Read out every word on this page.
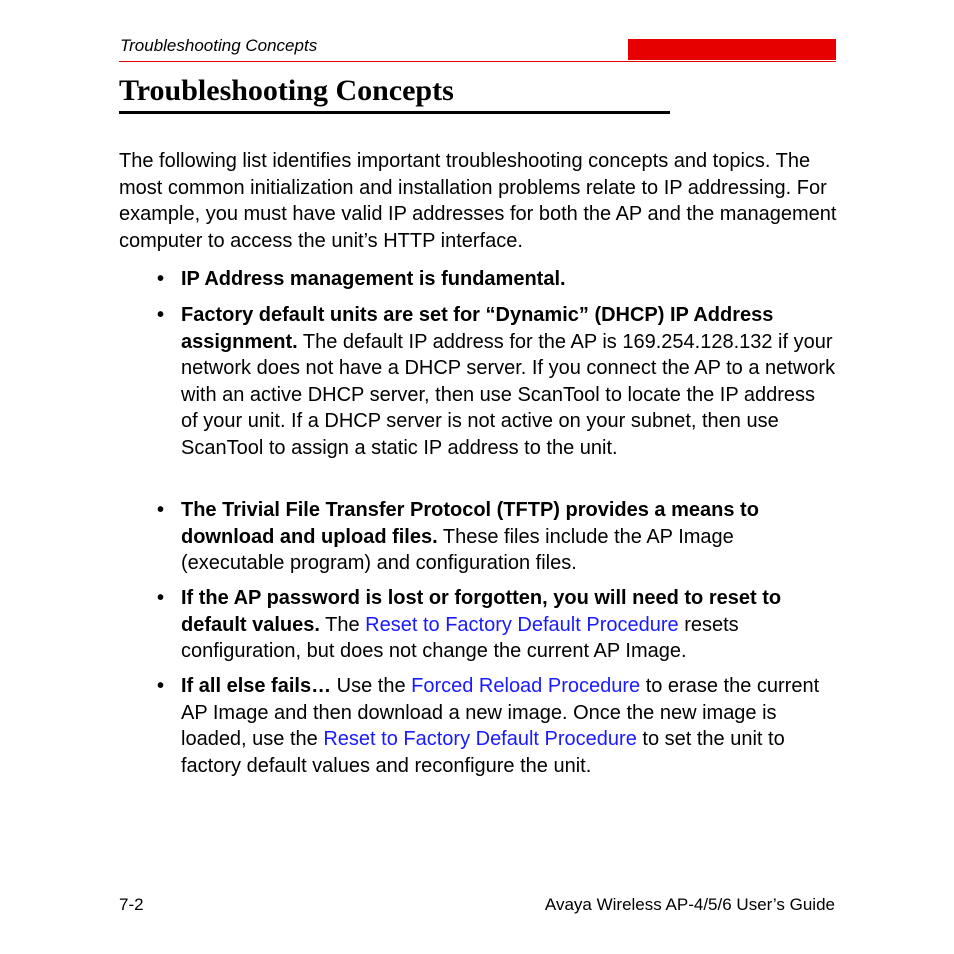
Troubleshooting Concepts
Troubleshooting Concepts

The following list identifies important troubleshooting concepts and topics. The most common initialization and installation problems relate to IP addressing. For example, you must have valid IP addresses for both the AP and the management computer to access the unit’s HTTP interface.

• IP Address management is fundamental.

• Factory default units are set for “Dynamic” (DHCP) IP Address assignment. The default IP address for the AP is 169.254.128.132 if your network does not have a DHCP server. If you connect the AP to a network with an active DHCP server, then use ScanTool to locate the IP address of your unit. If a DHCP server is not active on your subnet, then use ScanTool to assign a static IP address to the unit.

• The Trivial File Transfer Protocol (TFTP) provides a means to download and upload files. These files include the AP Image (executable program) and configuration files.

• If the AP password is lost or forgotten, you will need to reset to default values. The Reset to Factory Default Procedure resets configuration, but does not change the current AP Image.

• If all else fails… Use the Forced Reload Procedure to erase the current AP Image and then download a new image. Once the new image is loaded, use the Reset to Factory Default Procedure to set the unit to factory default values and reconfigure the unit.

7-2	Avaya Wireless AP-4/5/6 User’s Guide
